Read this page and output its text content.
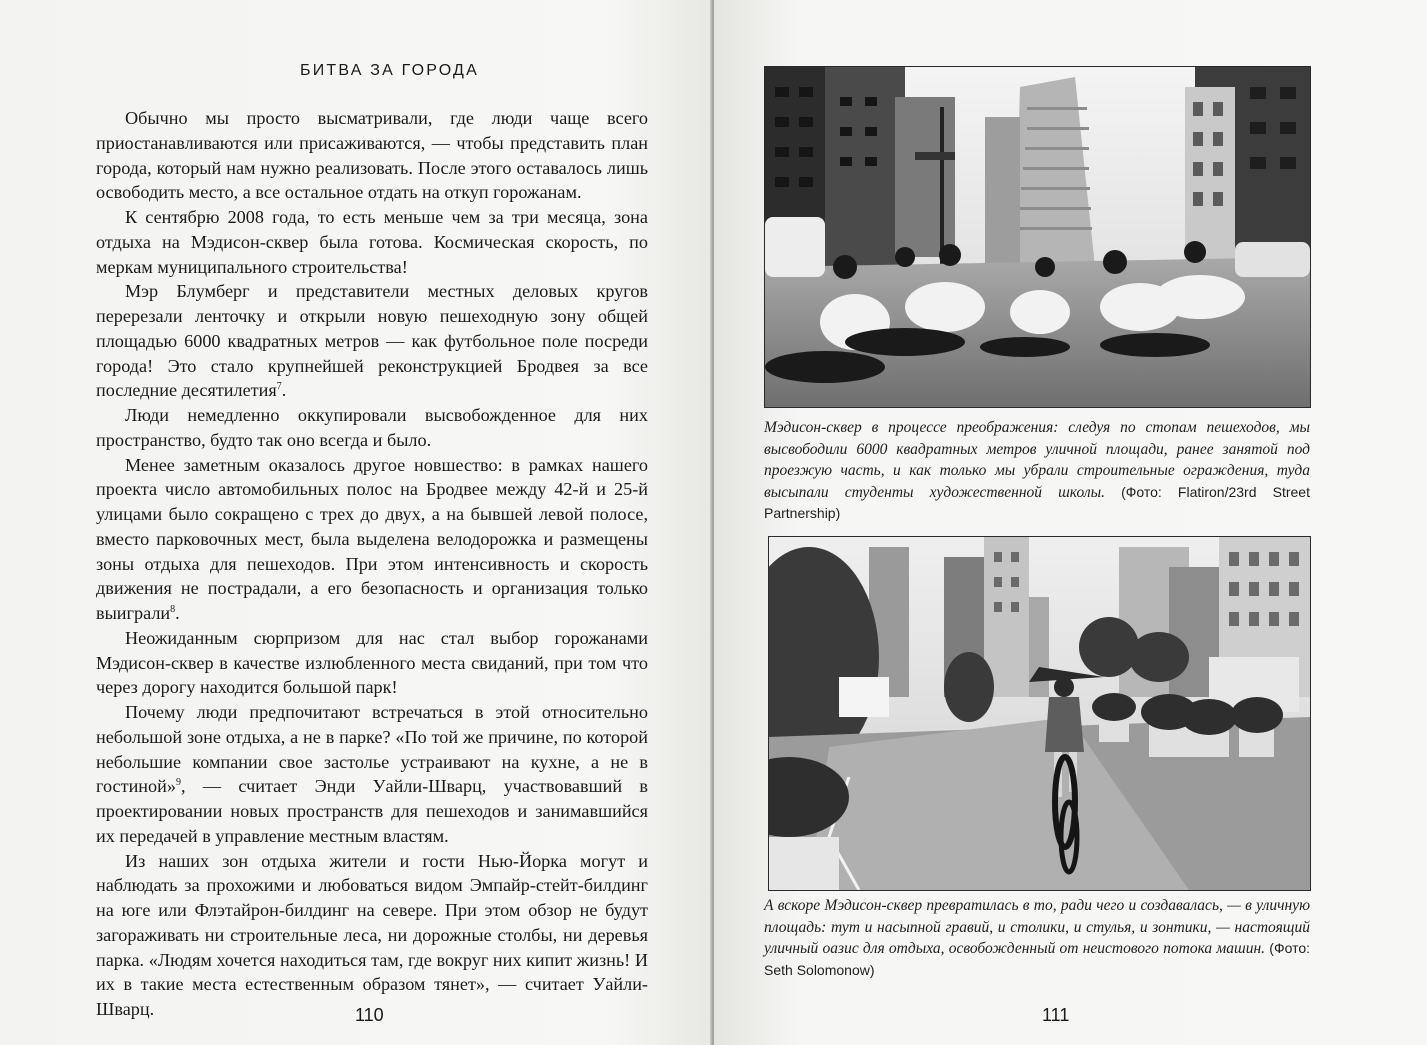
БИТВА ЗА ГОРОДА

Обычно мы просто высматривали, где люди чаще всего приостанавливаются или присаживаются, — чтобы представить план города, который нам нужно реализовать. После этого оставалось лишь освободить место, а все остальное отдать на откуп горожанам.

К сентябрю 2008 года, то есть меньше чем за три месяца, зона отдыха на Мэдисон-сквер была готова. Космическая скорость, по меркам муниципального строительства!

Мэр Блумберг и представители местных деловых кругов перерезали ленточку и открыли новую пешеходную зону общей площадью 6000 квадратных метров — как футбольное поле посреди города! Это стало крупнейшей реконструкцией Бродвея за все последние десятилетия$^7$.

Люди немедленно оккупировали высвобожденное для них пространство, будто так оно всегда и было.

Менее заметным оказалось другое новшество: в рамках нашего проекта число автомобильных полос на Бродвее между 42-й и 25-й улицами было сокращено с трех до двух, а на бывшей левой полосе, вместо парковочных мест, была выделена велодорожка и размещены зоны отдыха для пешеходов. При этом интенсивность и скорость движения не пострадали, а его безопасность и организация только выиграли$^8$.

Неожиданным сюрпризом для нас стал выбор горожанами Мэдисон-сквер в качестве излюбленного места свиданий, при том что через дорогу находится большой парк!

Почему люди предпочитают встречаться в этой относительно небольшой зоне отдыха, а не в парке? «По той же причине, по которой небольшие компании свое застолье устраивают на кухне, а не в гостиной»$^9$, — считает Энди Уайли-Шварц, участвовавший в проектировании новых пространств для пешеходов и занимавшийся их передачей в управление местным властям.

Из наших зон отдыха жители и гости Нью-Йорка могут и наблюдать за прохожими и любоваться видом Эмпайр-стейт-билдинг на юге или Флэтайрон-билдинг на севере. При этом обзор не будут загораживать ни строительные леса, ни дорожные столбы, ни деревья парка. «Людям хочется находиться там, где вокруг них кипит жизнь! И их в такие места естественным образом тянет», — считает Уайли-Шварц.	110
Мэдисон-сквер в процессе преображения: следуя по стопам пешеходов, мы высвободили 6000 квадратных метров уличной площади, ранее занятой под проезжую часть, и как только мы убрали строительные ограждения, туда высыпали студенты художественной школы. (Фото: Flatiron/23rd Street Partnership)
А вскоре Мэдисон-сквер превратилась в то, ради чего и создавалась, — в уличную площадь: тут и насыпной гравий, и столики, и стулья, и зонтики, — настоящий уличный оазис для отдыха, освобожденный от неистового потока машин. (Фото: Seth Solomonow)
111
